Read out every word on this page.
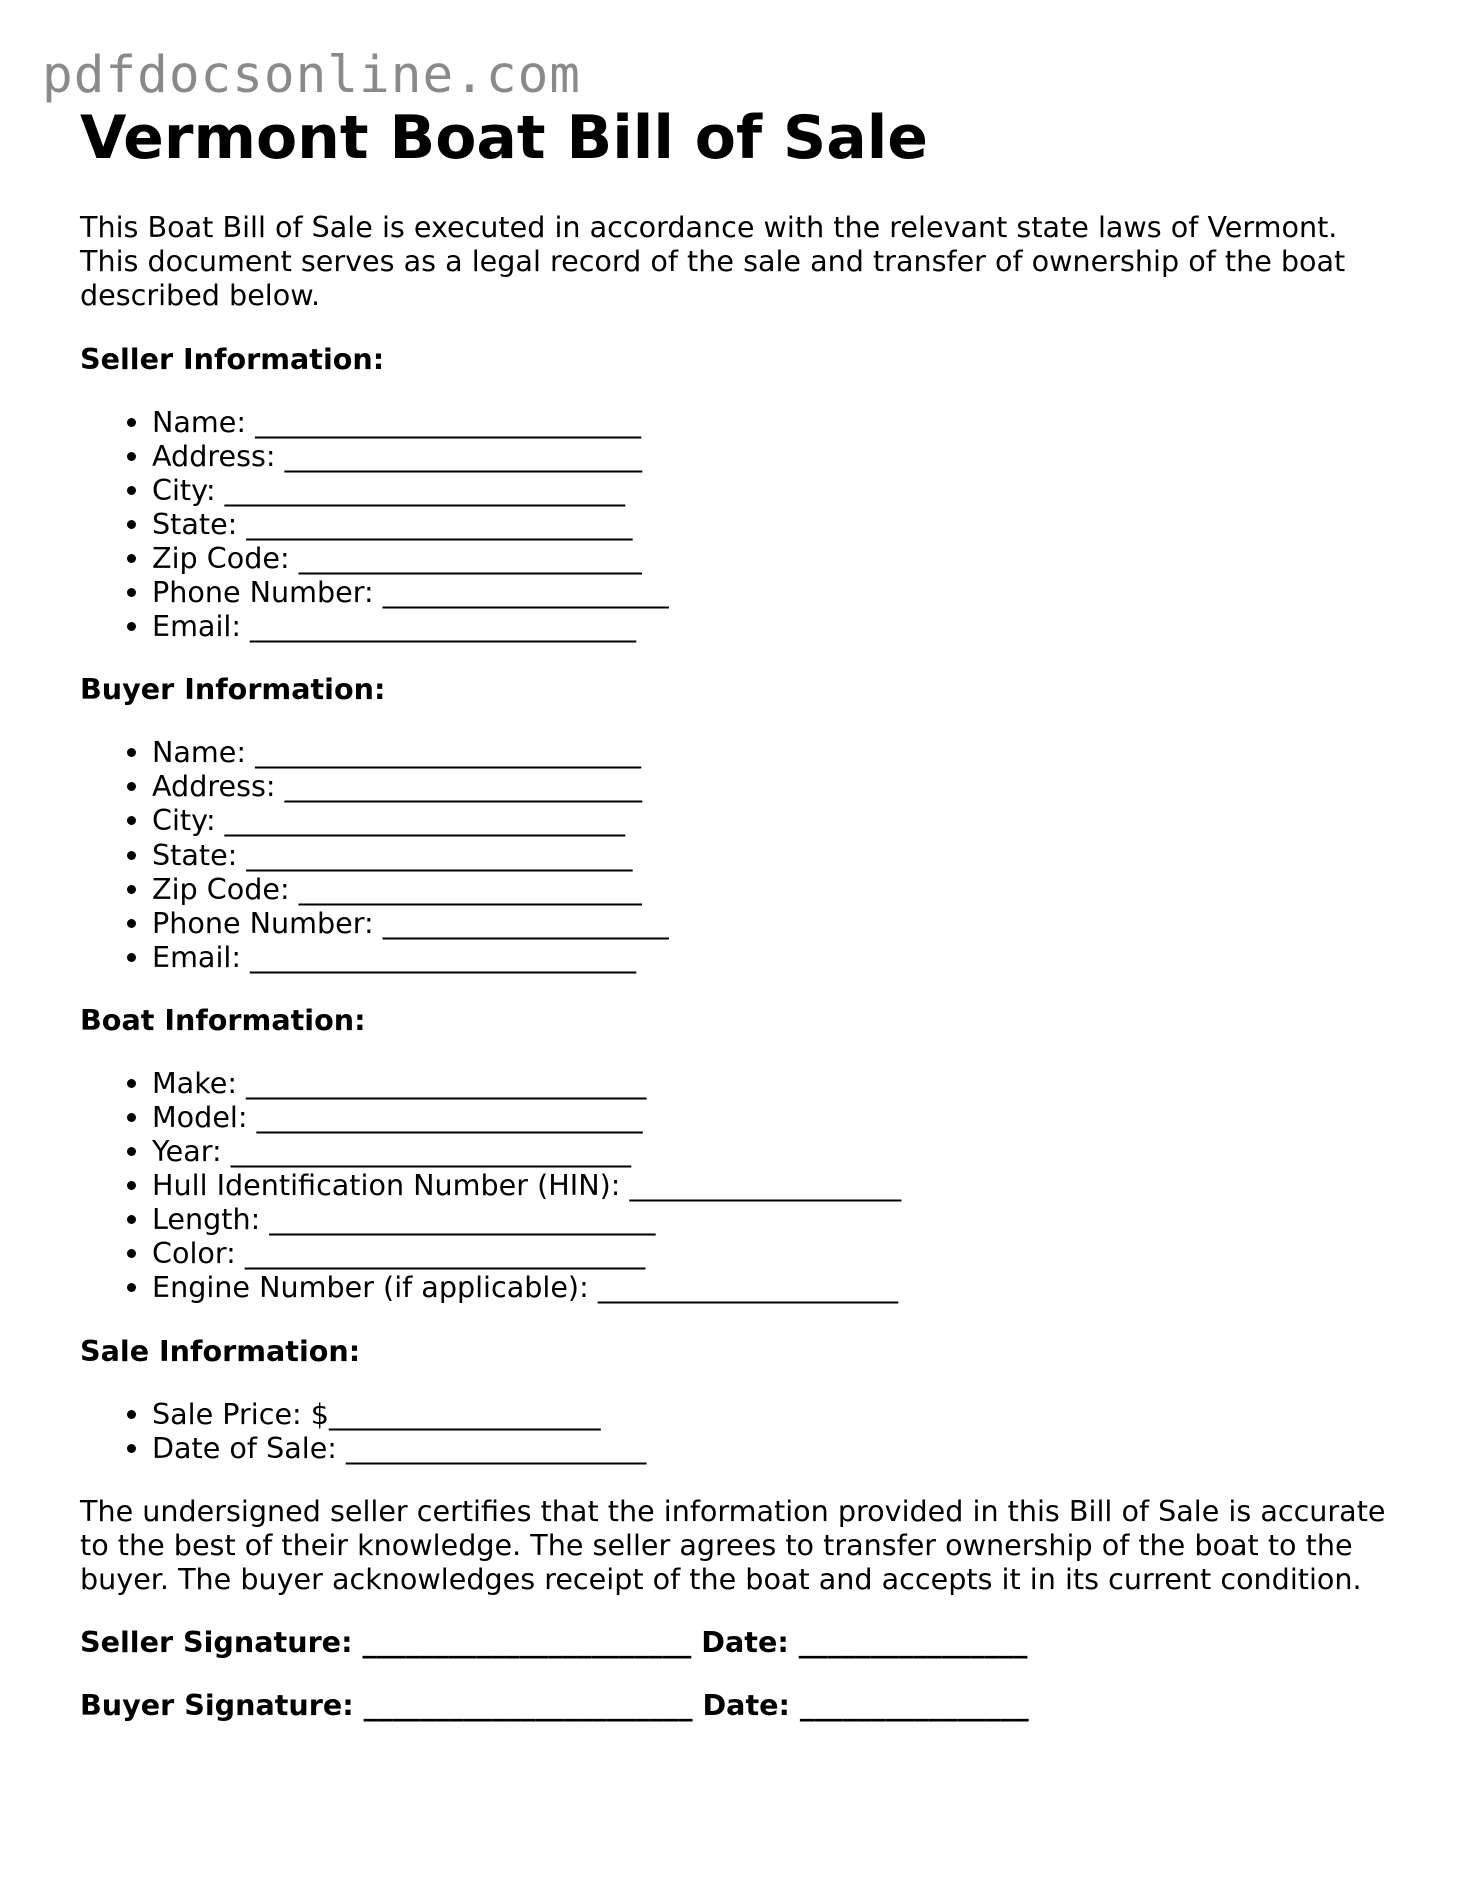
pdfdocsonline.com
Vermont Boat Bill of Sale

This Boat Bill of Sale is executed in accordance with the relevant state laws of Vermont. This document serves as a legal record of the sale and transfer of ownership of the boat described below.

Seller Information:

• Name: ___________________________
• Address: _________________________
• City: ____________________________
• State: ___________________________
• Zip Code: ________________________
• Phone Number: ____________________
• Email: ___________________________

Buyer Information:

• Name: ___________________________
• Address: _________________________
• City: ____________________________
• State: ___________________________
• Zip Code: ________________________
• Phone Number: ____________________
• Email: ___________________________

Boat Information:

• Make: ____________________________
• Model: ___________________________
• Year: ____________________________
• Hull Identification Number (HIN): ___________________
• Length: ___________________________
• Color: ____________________________
• Engine Number (if applicable): _____________________

Sale Information:

• Sale Price: $___________________
• Date of Sale: _____________________

The undersigned seller certifies that the information provided in this Bill of Sale is accurate to the best of their knowledge. The seller agrees to transfer ownership of the boat to the buyer. The buyer acknowledges receipt of the boat and accepts it in its current condition.

Seller Signature: _______________________ Date: ________________

Buyer Signature: _______________________ Date: ________________
